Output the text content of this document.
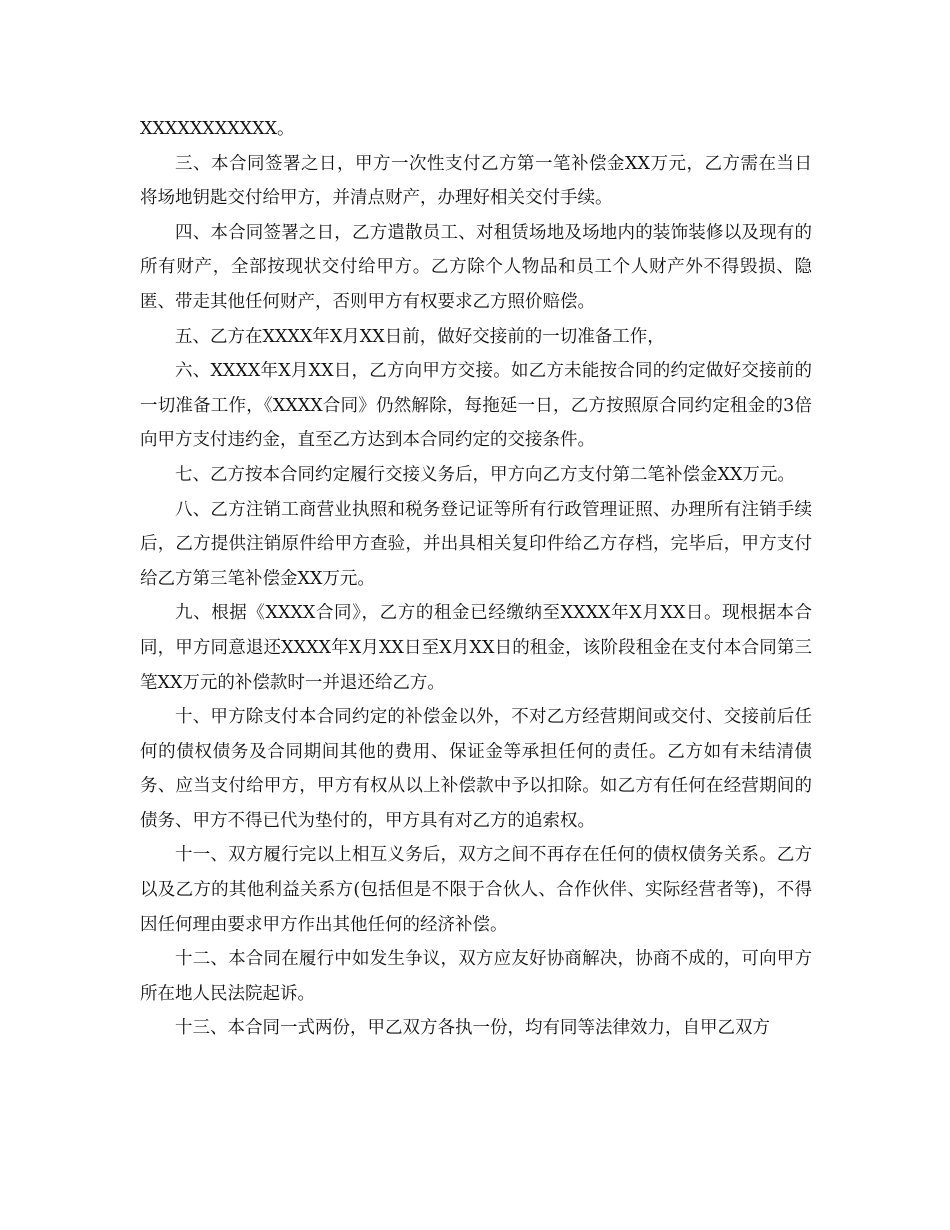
XXXXXXXXXXX。

三、本合同签署之日，甲方一次性支付乙方第一笔补偿金XX万元，乙方需在当日将场地钥匙交付给甲方，并清点财产，办理好相关交付手续。

四、本合同签署之日，乙方遣散员工、对租赁场地及场地内的装饰装修以及现有的所有财产，全部按现状交付给甲方。乙方除个人物品和员工个人财产外不得毁损、隐匿、带走其他任何财产，否则甲方有权要求乙方照价赔偿。

五、乙方在XXXX年X月XX日前，做好交接前的一切准备工作，

六、XXXX年X月XX日，乙方向甲方交接。如乙方未能按合同的约定做好交接前的一切准备工作，《XXXX合同》仍然解除，每拖延一日，乙方按照原合同约定租金的3倍向甲方支付违约金，直至乙方达到本合同约定的交接条件。

七、乙方按本合同约定履行交接义务后，甲方向乙方支付第二笔补偿金XX万元。

八、乙方注销工商营业执照和税务登记证等所有行政管理证照、办理所有注销手续后，乙方提供注销原件给甲方查验，并出具相关复印件给乙方存档，完毕后，甲方支付给乙方第三笔补偿金XX万元。

九、根据《XXXX合同》，乙方的租金已经缴纳至XXXX年X月XX日。现根据本合同，甲方同意退还XXXX年X月XX日至X月XX日的租金，该阶段租金在支付本合同第三笔XX万元的补偿款时一并退还给乙方。

十、甲方除支付本合同约定的补偿金以外，不对乙方经营期间或交付、交接前后任何的债权债务及合同期间其他的费用、保证金等承担任何的责任。乙方如有未结清债务、应当支付给甲方，甲方有权从以上补偿款中予以扣除。如乙方有任何在经营期间的债务、甲方不得已代为垫付的，甲方具有对乙方的追索权。

十一、双方履行完以上相互义务后，双方之间不再存在任何的债权债务关系。乙方以及乙方的其他利益关系方(包括但是不限于合伙人、合作伙伴、实际经营者等)，不得因任何理由要求甲方作出其他任何的经济补偿。

十二、本合同在履行中如发生争议，双方应友好协商解决，协商不成的，可向甲方所在地人民法院起诉。

十三、本合同一式两份，甲乙双方各执一份，均有同等法律效力，自甲乙双方
